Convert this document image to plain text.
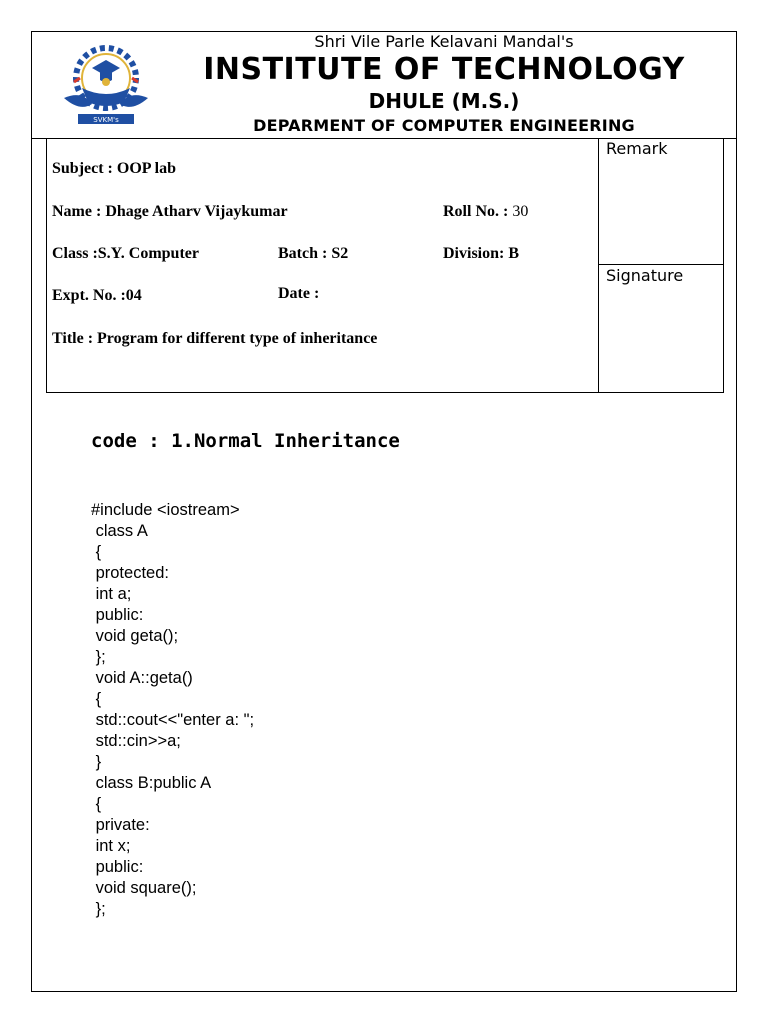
SVKM's
Shri Vile Parle Kelavani Mandal's
INSTITUTE OF TECHNOLOGY
DHULE (M.S.)
DEPARMENT OF COMPUTER ENGINEERING
Remark
Signature
Subject : OOP lab
Name : Dhage Atharv Vijaykumar	Roll No. : 30
Class :S.Y. Computer	Batch : S2	Division: B
Expt. No. :04	Date :
Title : Program for different type of inheritance
code : 1.Normal Inheritance
#include <iostream>
class A
{
protected:
int a;
public:
void geta();
};
void A::geta()
{
std::cout<<"enter a: ";
std::cin>>a;
}
class B:public A
{
private:
int x;
public:
void square();
};
